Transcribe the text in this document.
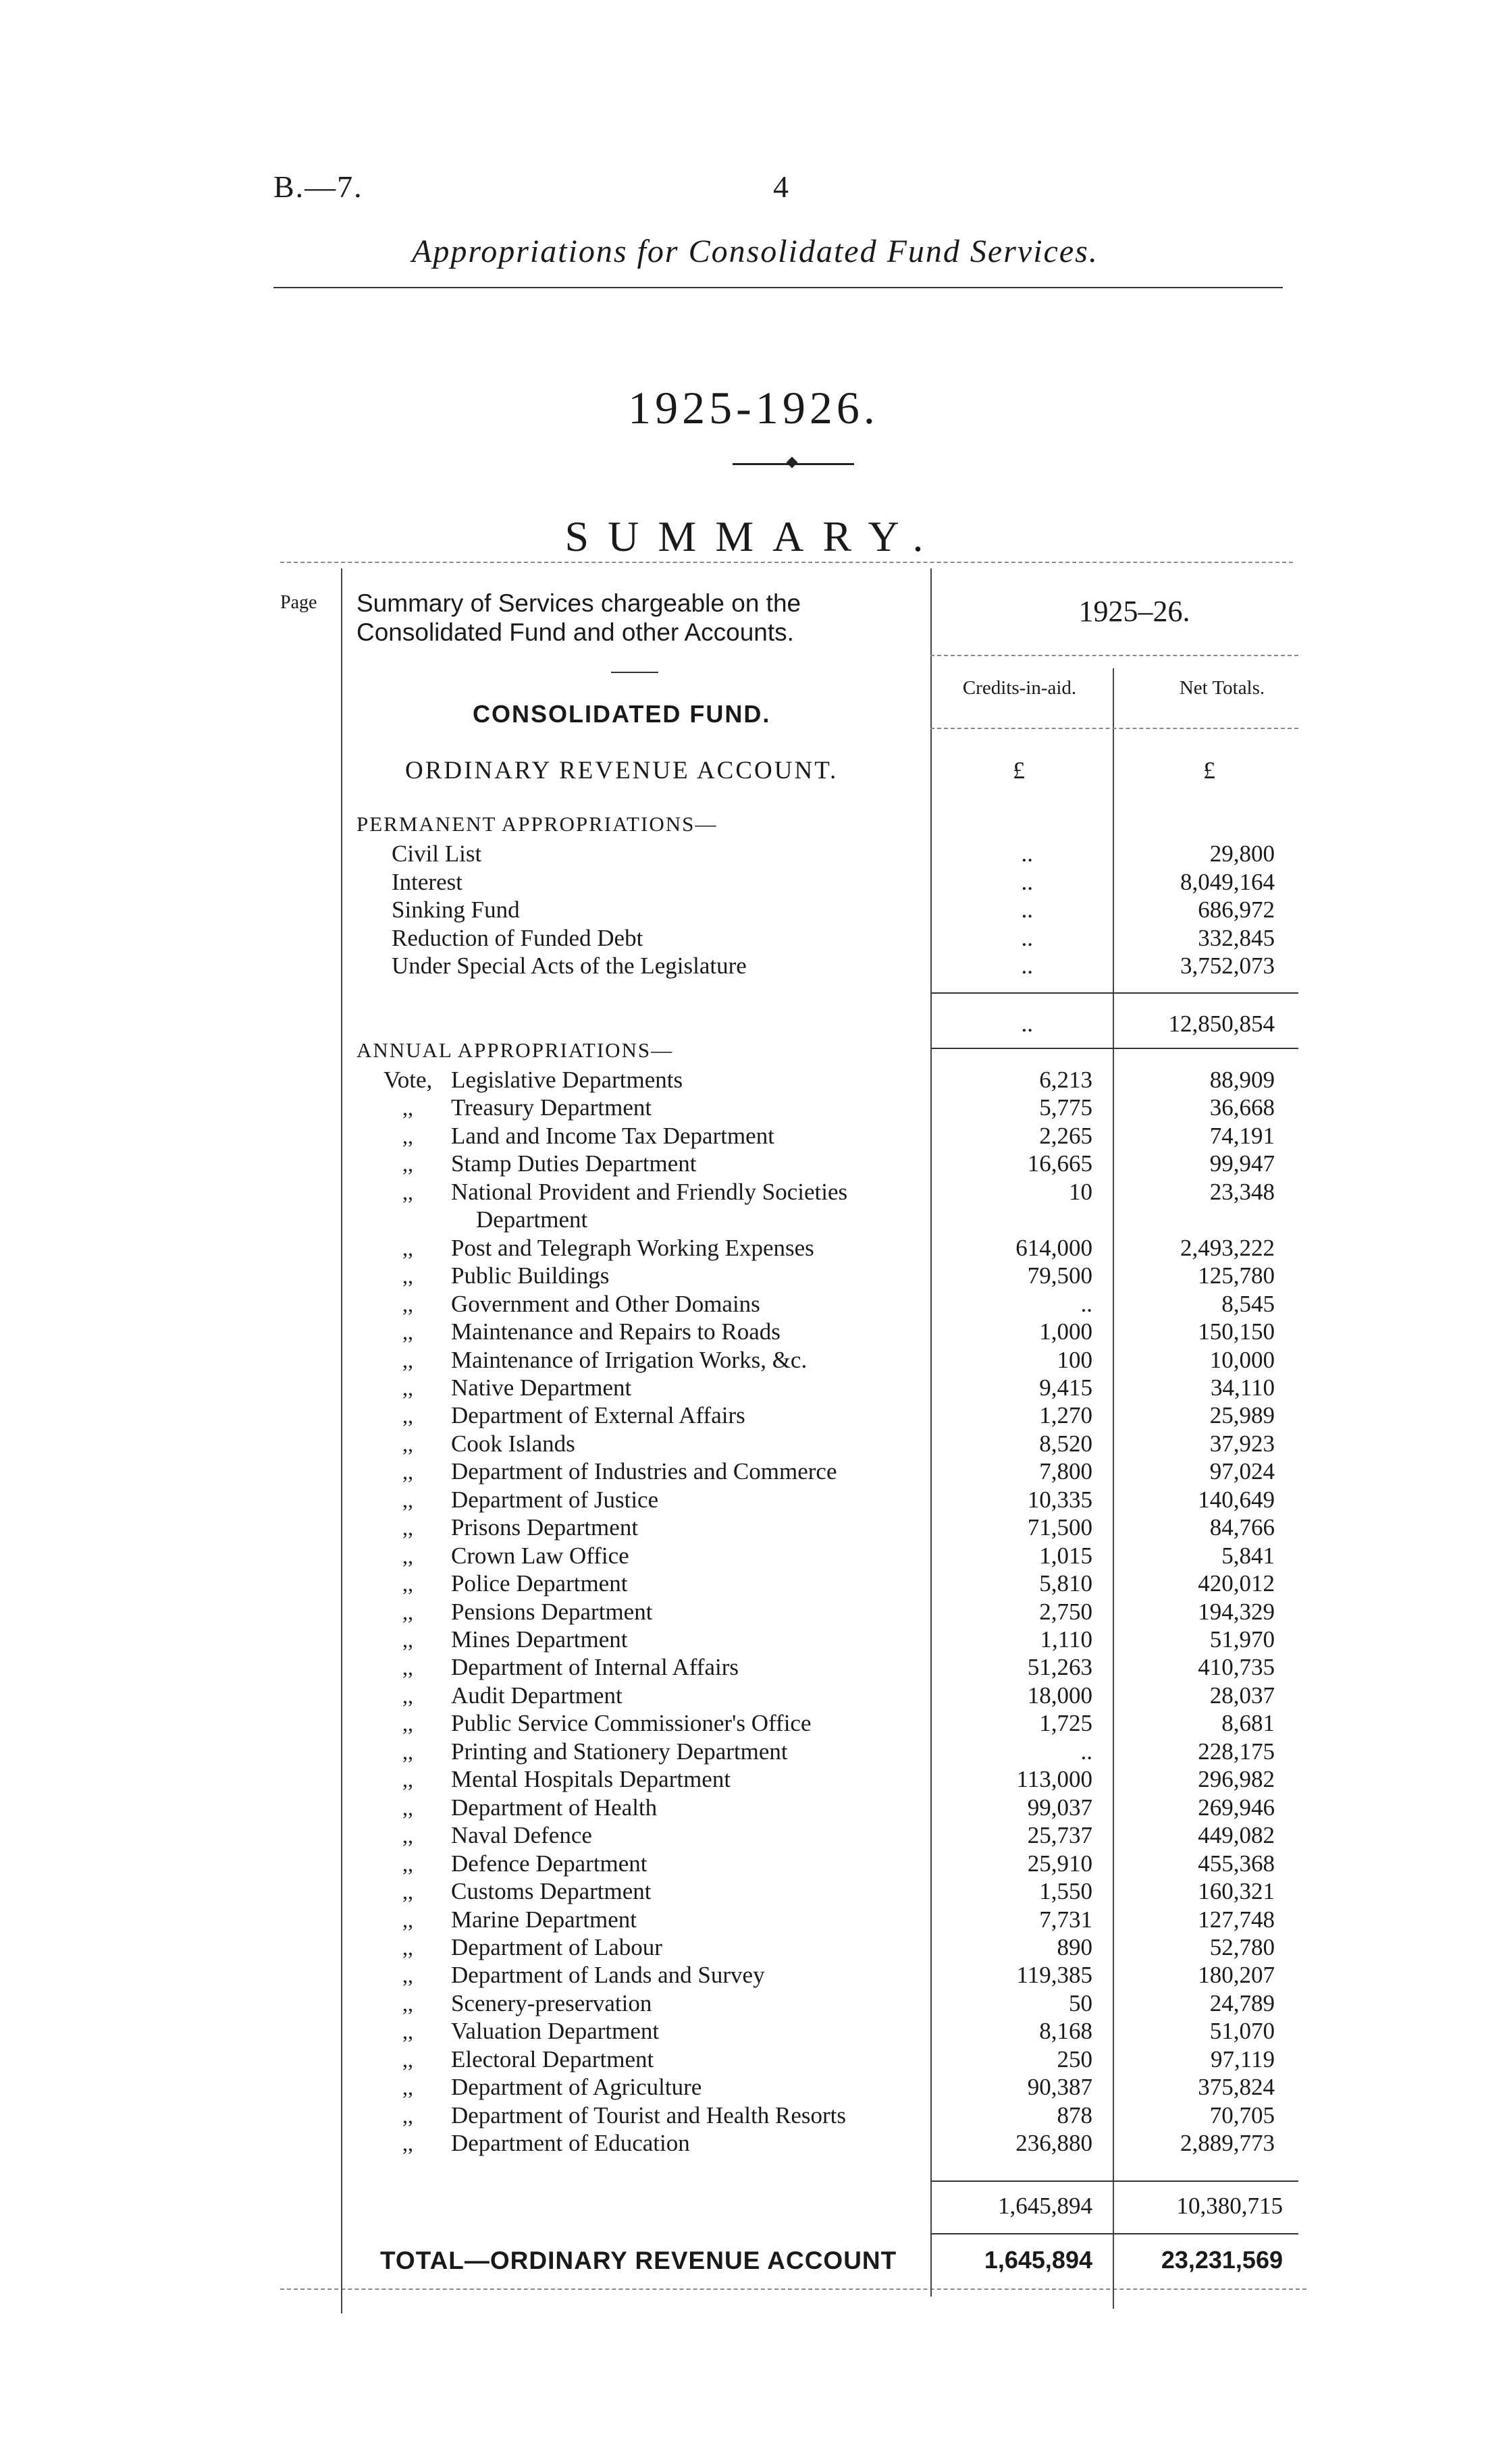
B.—7.	4
Appropriations for Consolidated Fund Services.
1925-1926.
SUMMARY.
Page Summary of Services chargeable on the Consolidated Fund and other Accounts.
1925–26.
Credits-in-aid.	Net Totals.
CONSOLIDATED FUND.
ORDINARY REVENUE ACCOUNT.	£	£
PERMANENT APPROPRIATIONS—
Civil List	..	29,800
Interest	..	8,049,164
Sinking Fund	..	686,972
Reduction of Funded Debt	..	332,845
Under Special Acts of the Legislature	..	3,752,073
..	12,850,854
ANNUAL APPROPRIATIONS—
Vote, Legislative Departments	6,213	88,909
,, Treasury Department	5,775	36,668
,, Land and Income Tax Department	2,265	74,191
,, Stamp Duties Department	16,665	99,947
,, National Provident and Friendly Societies
Department
10	23,348
,, Post and Telegraph Working Expenses	614,000	2,493,222
,, Public Buildings	79,500	125,780
,, Government and Other Domains	..	8,545
,, Maintenance and Repairs to Roads	1,000	150,150
,, Maintenance of Irrigation Works, &c.	100	10,000
,, Native Department	9,415	34,110
,, Department of External Affairs	1,270	25,989
,, Cook Islands	8,520	37,923
,, Department of Industries and Commerce	7,800	97,024
,, Department of Justice	10,335	140,649
,, Prisons Department	71,500	84,766
,, Crown Law Office	1,015	5,841
,, Police Department	5,810	420,012
,, Pensions Department	2,750	194,329
,, Mines Department	1,110	51,970
,, Department of Internal Affairs	51,263	410,735
,, Audit Department	18,000	28,037
,, Public Service Commissioner's Office	1,725	8,681
,, Printing and Stationery Department	..	228,175
,, Mental Hospitals Department	113,000	296,982
,, Department of Health	99,037	269,946
,, Naval Defence	25,737	449,082
,, Defence Department	25,910	455,368
,, Customs Department	1,550	160,321
,, Marine Department	7,731	127,748
,, Department of Labour	890	52,780
,, Department of Lands and Survey	119,385	180,207
,, Scenery-preservation	50	24,789
,, Valuation Department	8,168	51,070
,, Electoral Department	250	97,119
,, Department of Agriculture	90,387	375,824
,, Department of Tourist and Health Resorts	878	70,705
,, Department of Education	236,880	2,889,773
1,645,894	10,380,715
TOTAL—ORDINARY REVENUE ACCOUNT	1,645,894	23,231,569
